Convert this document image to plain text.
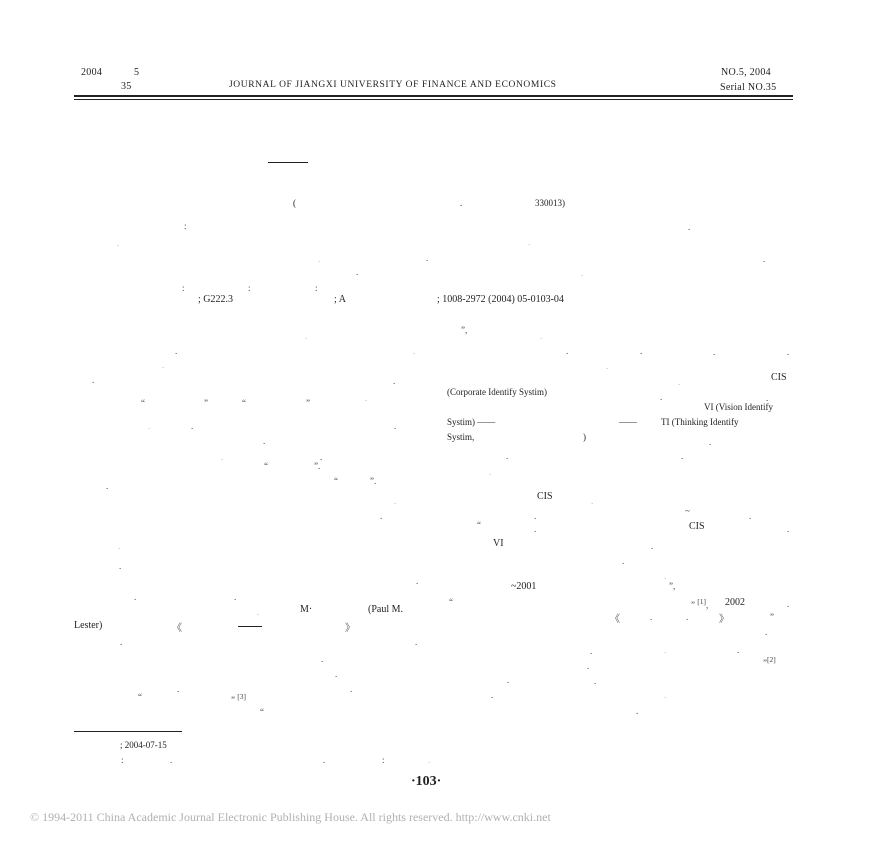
2004	5
35	JOURNAL OF JIANGXI UNIVERSITY OF FINANCE AND ECONOMICS
NO.5, 2004
Serial NO.35
(	.	330013)
:	.
.	.
.	.	.
.	.
:	:	:
; G222.3	; A	; 1008-2972 (2004) 05-0103-04
”,
.	.
.	.	.	.	.	.
.	.
.	.	.	CIS
(Corporate Identify Systim)
“	”	“	”	.	.	.
VI (Vision Identify
Systim) ——	——	TI (Thinking Identify
.	.	.
Systim,	)
.	.
.	.	.	.
“	”.
.
“	”.
.
CIS
.	.
~
.	.	.
CIS
“	.	.
VI
.	.
.	.
.
.	~2001	”,
.	.	“	” [1], 2002	.
M·	(Paul M.
.
《	.	.	》	”
Lester)	《	》	.
.	.
.	.
.
.	”[2]
.
.
.	.
.	.
“	” [3]	.	.
“	.
; 2004-07-15
:	.	.	:	.
·103·
© 1994-2011 China Academic Journal Electronic Publishing House. All rights reserved. http://www.cnki.net
